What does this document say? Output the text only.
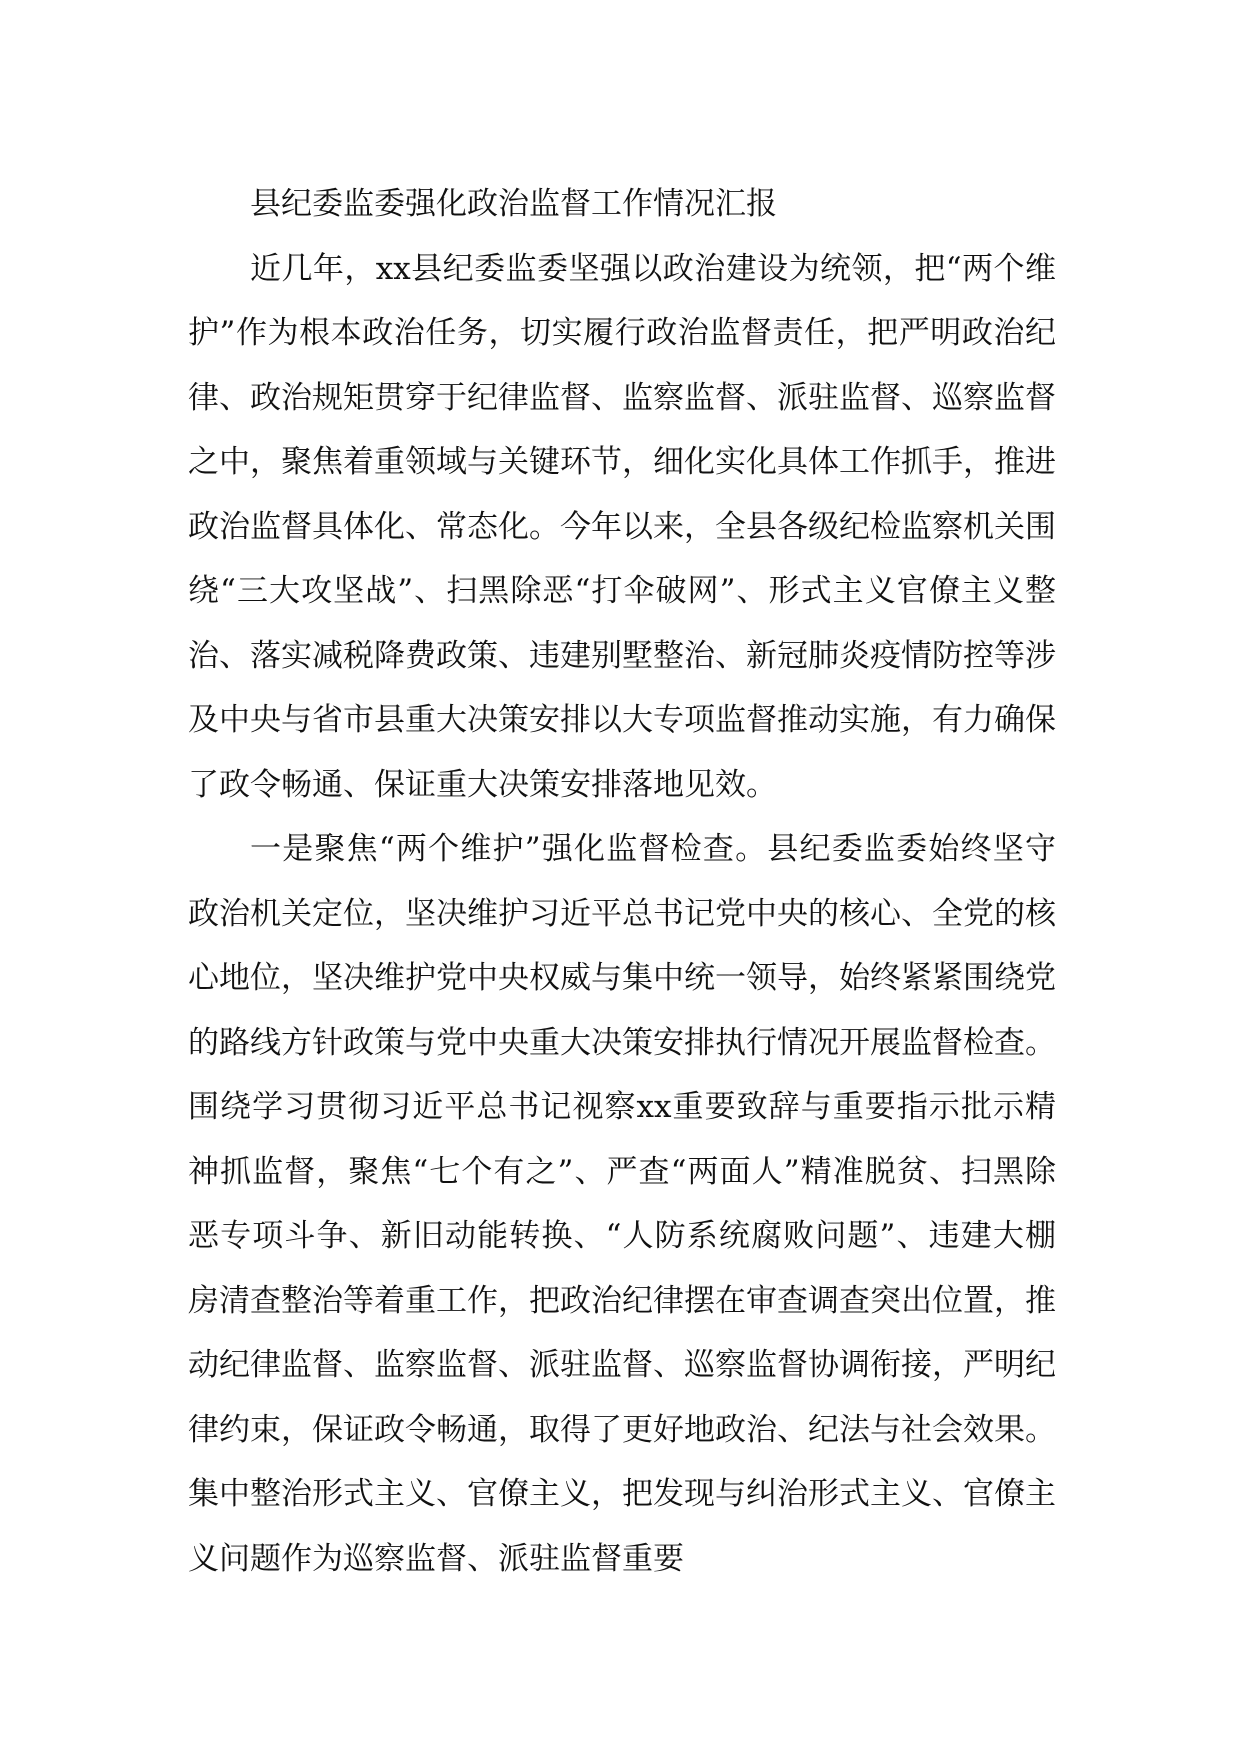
县纪委监委强化政治监督工作情况汇报

近几年，xx县纪委监委坚强以政治建设为统领，把“两个维护”作为根本政治任务，切实履行政治监督责任，把严明政治纪律、政治规矩贯穿于纪律监督、监察监督、派驻监督、巡察监督之中，聚焦着重领域与关键环节，细化实化具体工作抓手，推进政治监督具体化、常态化。今年以来，全县各级纪检监察机关围绕“三大攻坚战”、扫黑除恶“打伞破网”、形式主义官僚主义整治、落实减税降费政策、违建别墅整治、新冠肺炎疫情防控等涉及中央与省市县重大决策安排以大专项监督推动实施，有力确保了政令畅通、保证重大决策安排落地见效。

一是聚焦“两个维护”强化监督检查。县纪委监委始终坚守政治机关定位，坚决维护习近平总书记党中央的核心、全党的核心地位，坚决维护党中央权威与集中统一领导，始终紧紧围绕党的路线方针政策与党中央重大决策安排执行情况开展监督检查。围绕学习贯彻习近平总书记视察xx重要致辞与重要指示批示精神抓监督，聚焦“七个有之”、严查“两面人”精准脱贫、扫黑除恶专项斗争、新旧动能转换、“人防系统腐败问题”、违建大棚房清查整治等着重工作，把政治纪律摆在审查调查突出位置，推动纪律监督、监察监督、派驻监督、巡察监督协调衔接，严明纪律约束，保证政令畅通，取得了更好地政治、纪法与社会效果。集中整治形式主义、官僚主义，把发现与纠治形式主义、官僚主义问题作为巡察监督、派驻监督重要
